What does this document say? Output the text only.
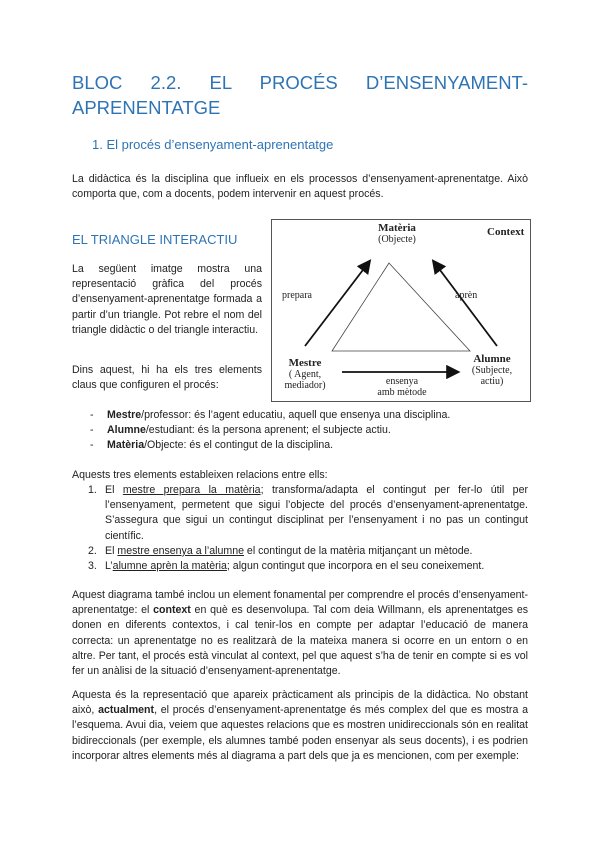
BLOC 2.2. EL PROCÉS D’ENSENYAMENT-APRENENTATGE
1. El procés d’ensenyament-aprenentatge

La didàctica és la disciplina que influeix en els processos d’ensenyament-aprenentatge. Això comporta que, com a docents, podem intervenir en aquest procés.

EL TRIANGLE INTERACTIU

La següent imatge mostra una representació gràfica del procés d’ensenyament-aprenentatge formada a partir d’un triangle. Pot rebre el nom del triangle didàctic o del triangle interactiu.

Dins aquest, hi ha els tres elements claus que configuren el procés:

Context
Matèria
(Objecte)
prepara	aprèn
Mestre
( Agent,
mediador)
Alumne
(Subjecte,
actiu)
ensenya
amb mètode
- Mestre/professor: és l’agent educatiu, aquell que ensenya una disciplina.
- Alumne/estudiant: és la persona aprenent; el subjecte actiu.
- Matèria/Objecte: és el contingut de la disciplina.
Aquests tres elements estableixen relacions entre ells:
1. El mestre prepara la matèria; transforma/adapta el contingut per fer-lo útil per l’ensenyament, permetent que sigui l’objecte del procés d’ensenyament-aprenentatge. S’assegura que sigui un contingut disciplinat per l’ensenyament i no pas un contingut científic.
2. El mestre ensenya a l’alumne el contingut de la matèria mitjançant un mètode.
3. L’alumne aprèn la matèria; algun contingut que incorpora en el seu coneixement.

Aquest diagrama també inclou un element fonamental per comprendre el procés d’ensenyament-aprenentatge: el context en què es desenvolupa. Tal com deia Willmann, els aprenentatges es donen en diferents contextos, i cal tenir-los en compte per adaptar l’educació de manera correcta: un aprenentatge no es realitzarà de la mateixa manera si ocorre en un entorn o en altre. Per tant, el procés està vinculat al context, pel que aquest s’ha de tenir en compte si es vol fer un anàlisi de la situació d’ensenyament-aprenentatge.

Aquesta és la representació que apareix pràcticament als principis de la didàctica. No obstant això, actualment, el procés d’ensenyament-aprenentatge és més complex del que es mostra a l’esquema. Avui dia, veiem que aquestes relacions que es mostren unidireccionals són en realitat bidireccionals (per exemple, els alumnes també poden ensenyar als seus docents), i es podrien incorporar altres elements més al diagrama a part dels que ja es mencionen, com per exemple:
